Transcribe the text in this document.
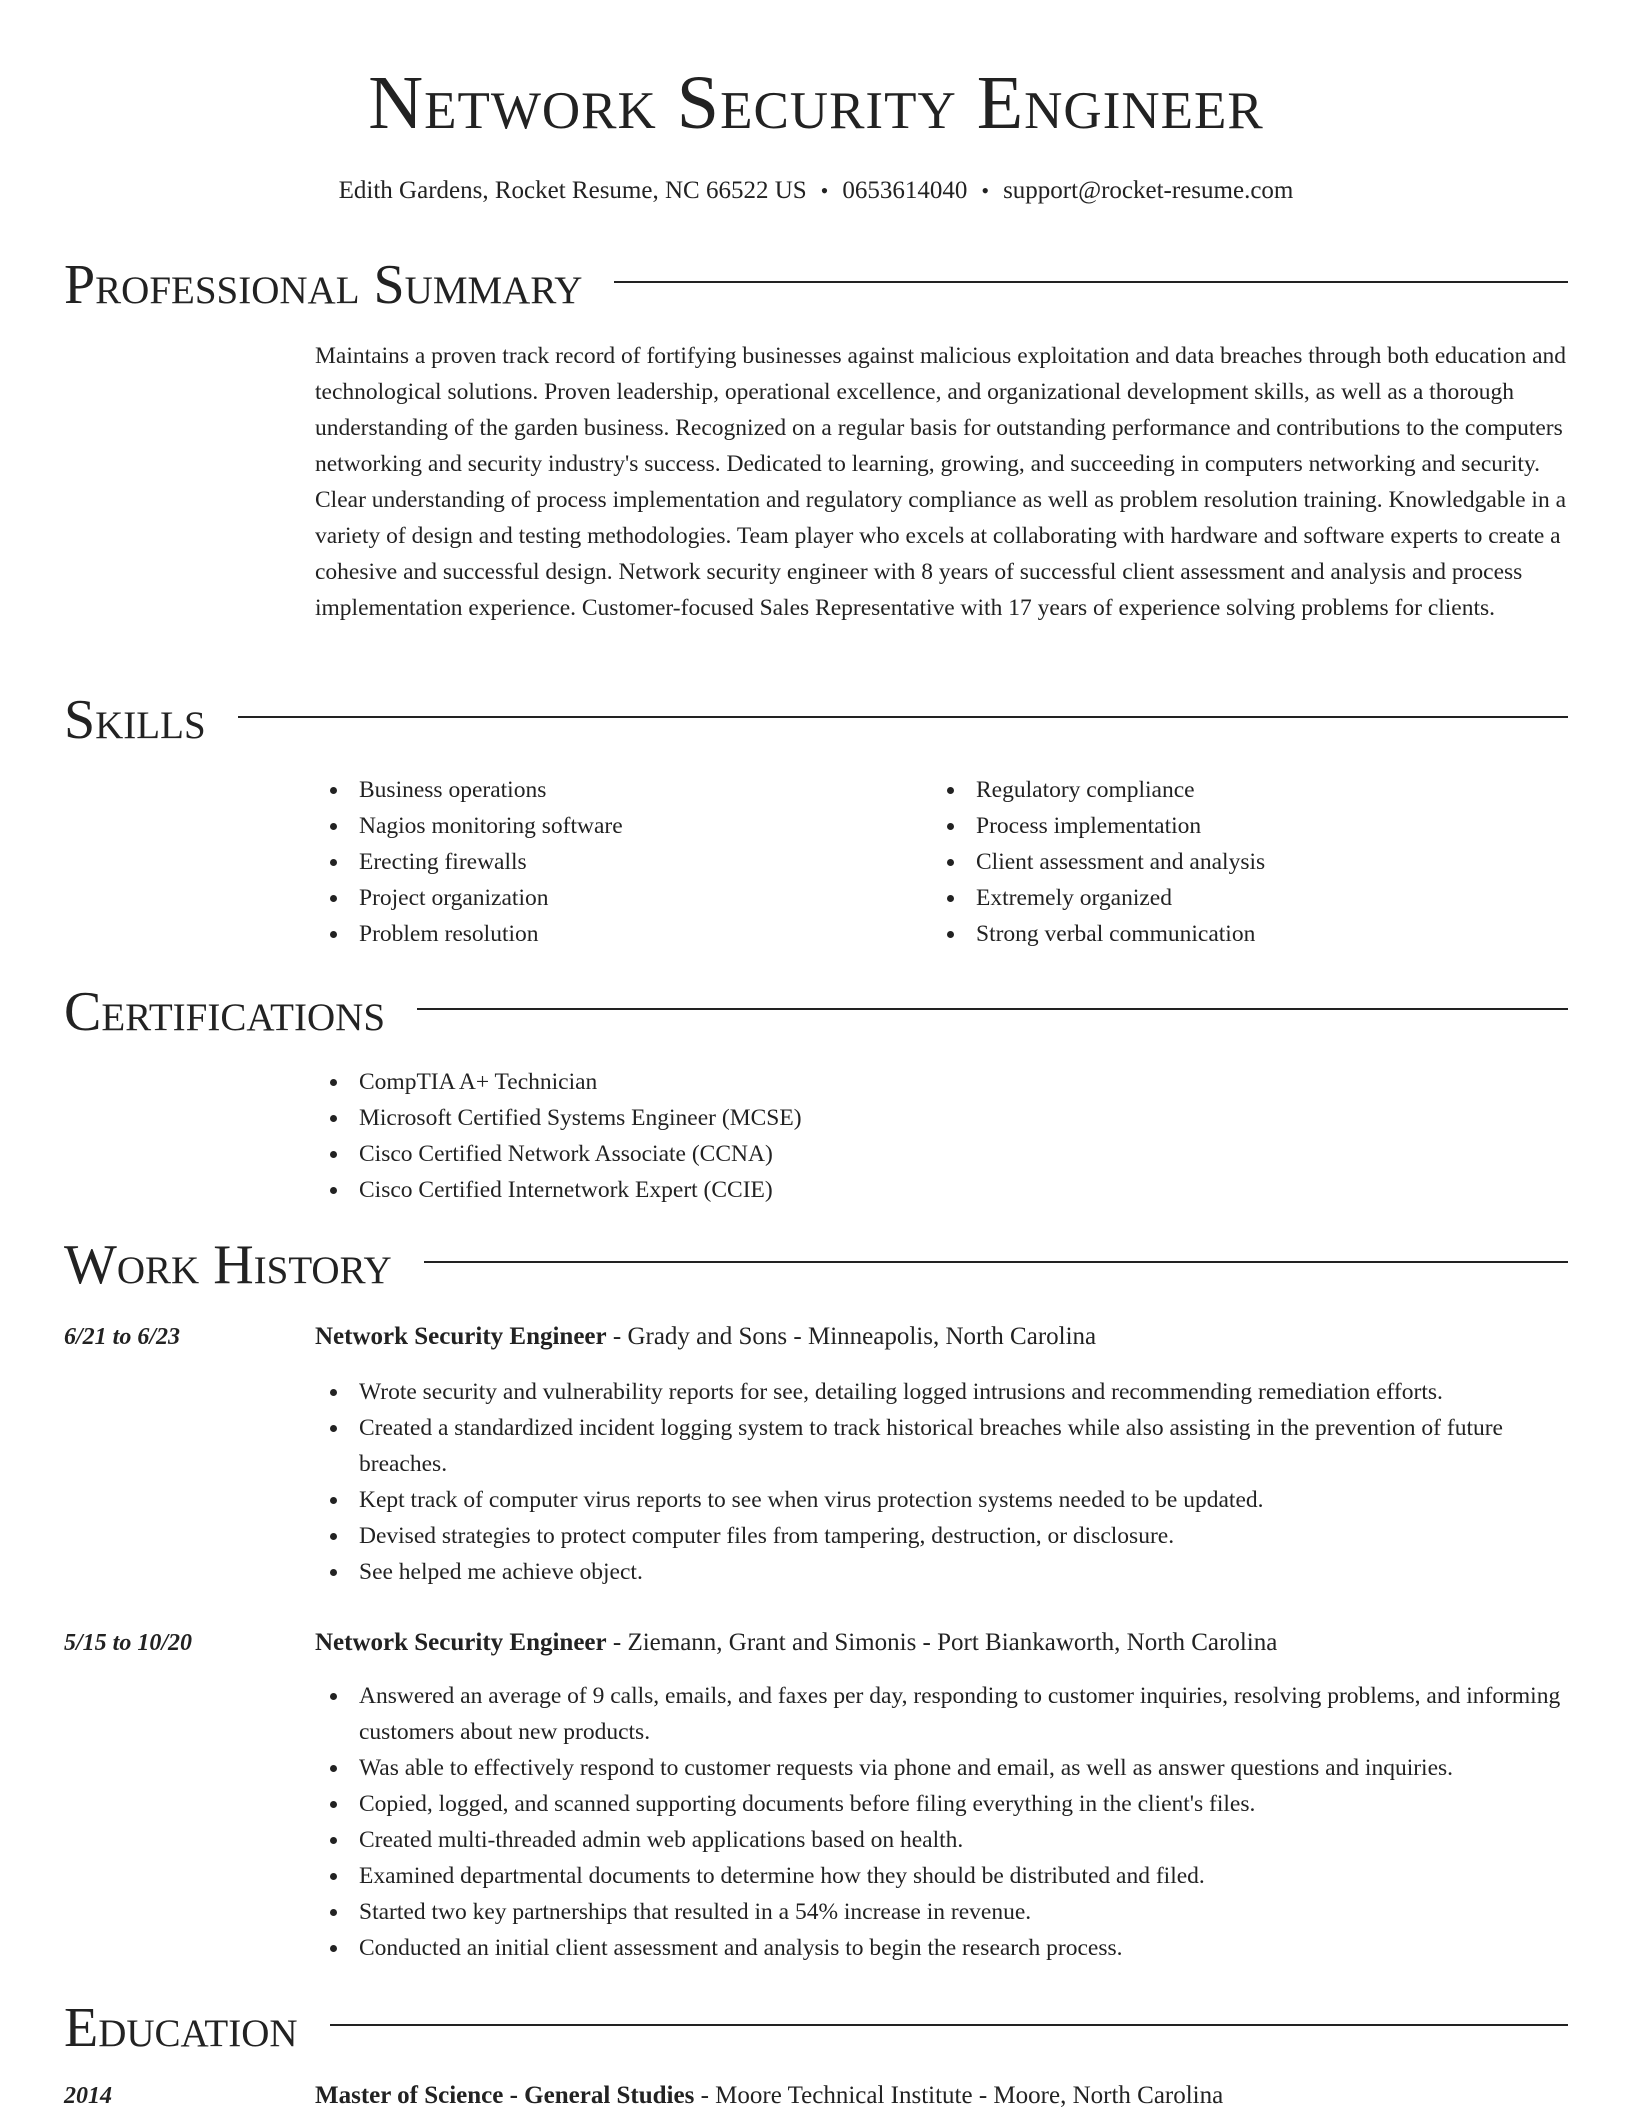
Network Security Engineer
Edith Gardens, Rocket Resume, NC 66522 US • 0653614040 • support@rocket-resume.com
Professional Summary

Maintains a proven track record of fortifying businesses against malicious exploitation and data breaches through both education and technological solutions. Proven leadership, operational excellence, and organizational development skills, as well as a thorough understanding of the garden business. Recognized on a regular basis for outstanding performance and contributions to the computers networking and security industry's success. Dedicated to learning, growing, and succeeding in computers networking and security. Clear understanding of process implementation and regulatory compliance as well as problem resolution training. Knowledgable in a variety of design and testing methodologies. Team player who excels at collaborating with hardware and software experts to create a cohesive and successful design. Network security engineer with 8 years of successful client assessment and analysis and process implementation experience. Customer-focused Sales Representative with 17 years of experience solving problems for clients.

Skills
Business operations
Nagios monitoring software
Erecting firewalls
Project organization
Problem resolution
Regulatory compliance
Process implementation
Client assessment and analysis
Extremely organized
Strong verbal communication
Certifications
CompTIA A+ Technician
Microsoft Certified Systems Engineer (MCSE)
Cisco Certified Network Associate (CCNA)
Cisco Certified Internetwork Expert (CCIE)
Work History
6/21 to 6/23	Network Security Engineer - Grady and Sons - Minneapolis, North Carolina
Wrote security and vulnerability reports for see, detailing logged intrusions and recommending remediation efforts.
Created a standardized incident logging system to track historical breaches while also assisting in the prevention of future breaches.
Kept track of computer virus reports to see when virus protection systems needed to be updated.
Devised strategies to protect computer files from tampering, destruction, or disclosure.
See helped me achieve object.
5/15 to 10/20	Network Security Engineer - Ziemann, Grant and Simonis - Port Biankaworth, North Carolina
Answered an average of 9 calls, emails, and faxes per day, responding to customer inquiries, resolving problems, and informing customers about new products.
Was able to effectively respond to customer requests via phone and email, as well as answer questions and inquiries.
Copied, logged, and scanned supporting documents before filing everything in the client's files.
Created multi-threaded admin web applications based on health.
Examined departmental documents to determine how they should be distributed and filed.
Started two key partnerships that resulted in a 54% increase in revenue.
Conducted an initial client assessment and analysis to begin the research process.
Education
2014	Master of Science - General Studies - Moore Technical Institute - Moore, North Carolina
